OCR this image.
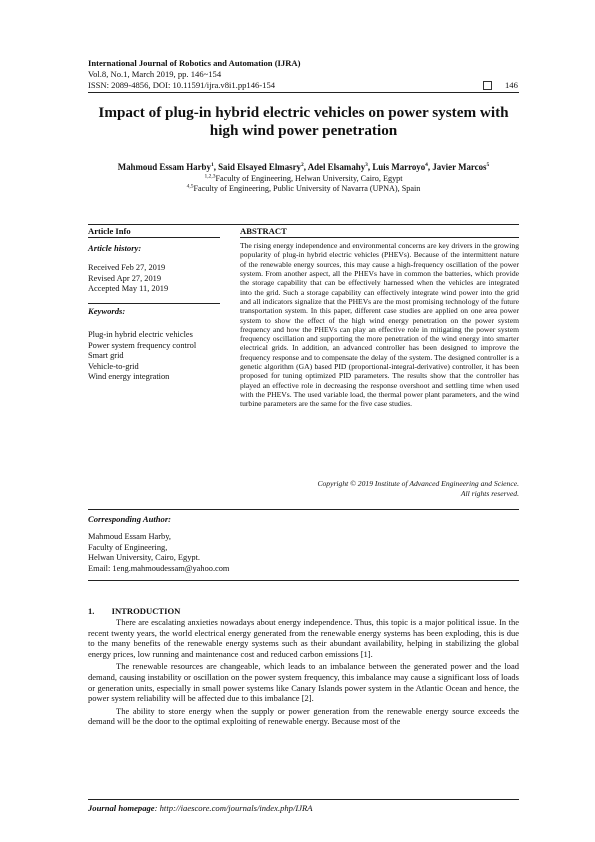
International Journal of Robotics and Automation (IJRA)
Vol.8, No.1, March 2019, pp. 146~154
ISSN: 2089-4856, DOI: 10.11591/ijra.v8i1.pp146-154	146
Impact of plug-in hybrid electric vehicles on power system with high wind power penetration
Mahmoud Essam Harby$^1$, Said Elsayed Elmasry$^2$, Adel Elsamahy$^3$, Luis Marroyo$^4$, Javier Marcos$^5$
$^{1,2,3}$Faculty of Engineering, Helwan University, Cairo, Egypt
$^{4,5}$Faculty of Engineering, Public University of Navarra (UPNA), Spain
Article Info	ABSTRACT
Article history:
Received Feb 27, 2019
Revised Apr 27, 2019
Accepted May 11, 2019
Keywords:
Plug-in hybrid electric vehicles
Power system frequency control
Smart grid
Vehicle-to-grid
Wind energy integration
The rising energy independence and environmental concerns are key drivers in the growing popularity of plug-in hybrid electric vehicles (PHEVs). Because of the intermittent nature of the renewable energy sources, this may cause a high-frequency oscillation of the power system. From another aspect, all the PHEVs have in common the batteries, which provide the storage capability that can be effectively harnessed when the vehicles are integrated into the grid. Such a storage capability can effectively integrate wind power into the grid and all indicators signalize that the PHEVs are the most promising technology of the future transportation system. In this paper, different case studies are applied on one area power system to show the effect of the high wind energy penetration on the power system frequency and how the PHEVs can play an effective role in mitigating the power system frequency oscillation and supporting the more penetration of the wind energy into smarter electrical grids. In addition, an advanced controller has been designed to improve the frequency response and to compensate the delay of the system. The designed controller is a genetic algorithm (GA) based PID (proportional-integral-derivative) controller, it has been proposed for tuning optimized PID parameters. The results show that the controller has played an effective role in decreasing the response overshoot and settling time when used with the PHEVs. The used variable load, the thermal power plant parameters, and the wind turbine parameters are the same for the five case studies.
Copyright © 2019 Institute of Advanced Engineering and Science.
All rights reserved.
Corresponding Author:
Mahmoud Essam Harby,
Faculty of Engineering,
Helwan University, Cairo, Egypt.
Email: 1eng.mahmoudessam@yahoo.com
1.        INTRODUCTION

There are escalating anxieties nowadays about energy independence. Thus, this topic is a major political issue. In the recent twenty years, the world electrical energy generated from the renewable energy systems has been exploding, this is due to the many benefits of the renewable energy systems such as their abundant availability, helping in stabilizing the global energy prices, low running and maintenance cost and reduced carbon emissions [1].

The renewable resources are changeable, which leads to an imbalance between the generated power and the load demand, causing instability or oscillation on the power system frequency, this imbalance may cause a significant loss of loads or generation units, especially in small power systems like Canary Islands power system in the Atlantic Ocean and hence, the power system reliability will be affected due to this imbalance [2].

The ability to store energy when the supply or power generation from the renewable energy source exceeds the demand will be the door to the optimal exploiting of renewable energy. Because most of the

Journal homepage: http://iaescore.com/journals/index.php/IJRA
